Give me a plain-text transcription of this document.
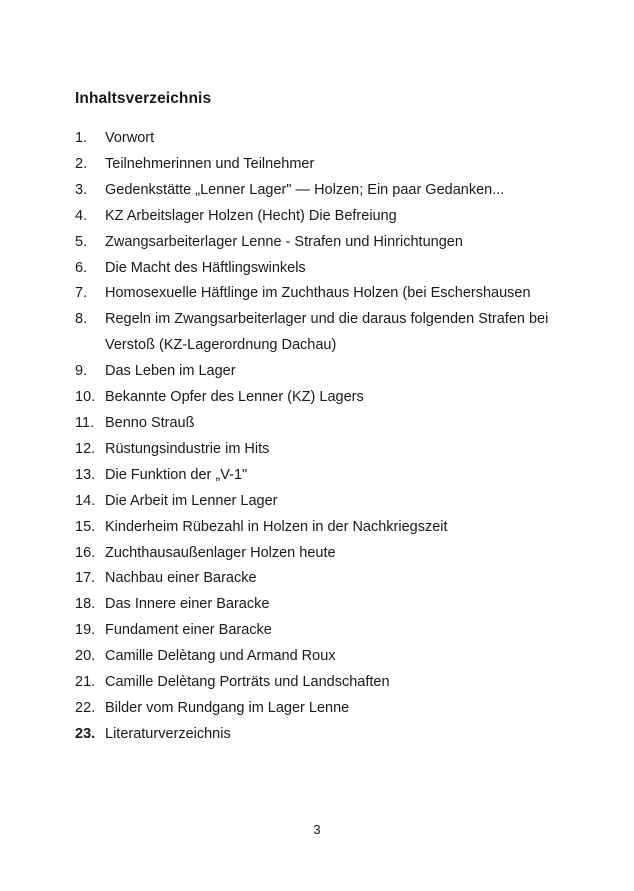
Inhaltsverzeichnis
1.	Vorwort
2.	Teilnehmerinnen und Teilnehmer
3.	Gedenkstätte „Lenner Lager" — Holzen; Ein paar Gedanken...
4.	KZ Arbeitslager Holzen (Hecht) Die Befreiung
5.	Zwangsarbeiterlager Lenne - Strafen und Hinrichtungen
6.	Die Macht des Häftlingswinkels
7.	Homosexuelle Häftlinge im Zuchthaus Holzen (bei Eschershausen
8.	Regeln im Zwangsarbeiterlager und die daraus folgenden Strafen bei Verstoß (KZ-Lagerordnung Dachau)
9.	Das Leben im Lager
10. Bekannte Opfer des Lenner (KZ) Lagers
11. Benno Strauß
12. Rüstungsindustrie im Hits
13. Die Funktion der „V-1"
14. Die Arbeit im Lenner Lager
15. Kinderheim Rübezahl in Holzen in der Nachkriegszeit
16. Zuchthausaußenlager Holzen heute
17. Nachbau einer Baracke
18. Das Innere einer Baracke
19. Fundament einer Baracke
20. Camille Delètang und Armand Roux
21. Camille Delètang Porträts und Landschaften
22. Bilder vom Rundgang im Lager Lenne
23. Literaturverzeichnis
3
